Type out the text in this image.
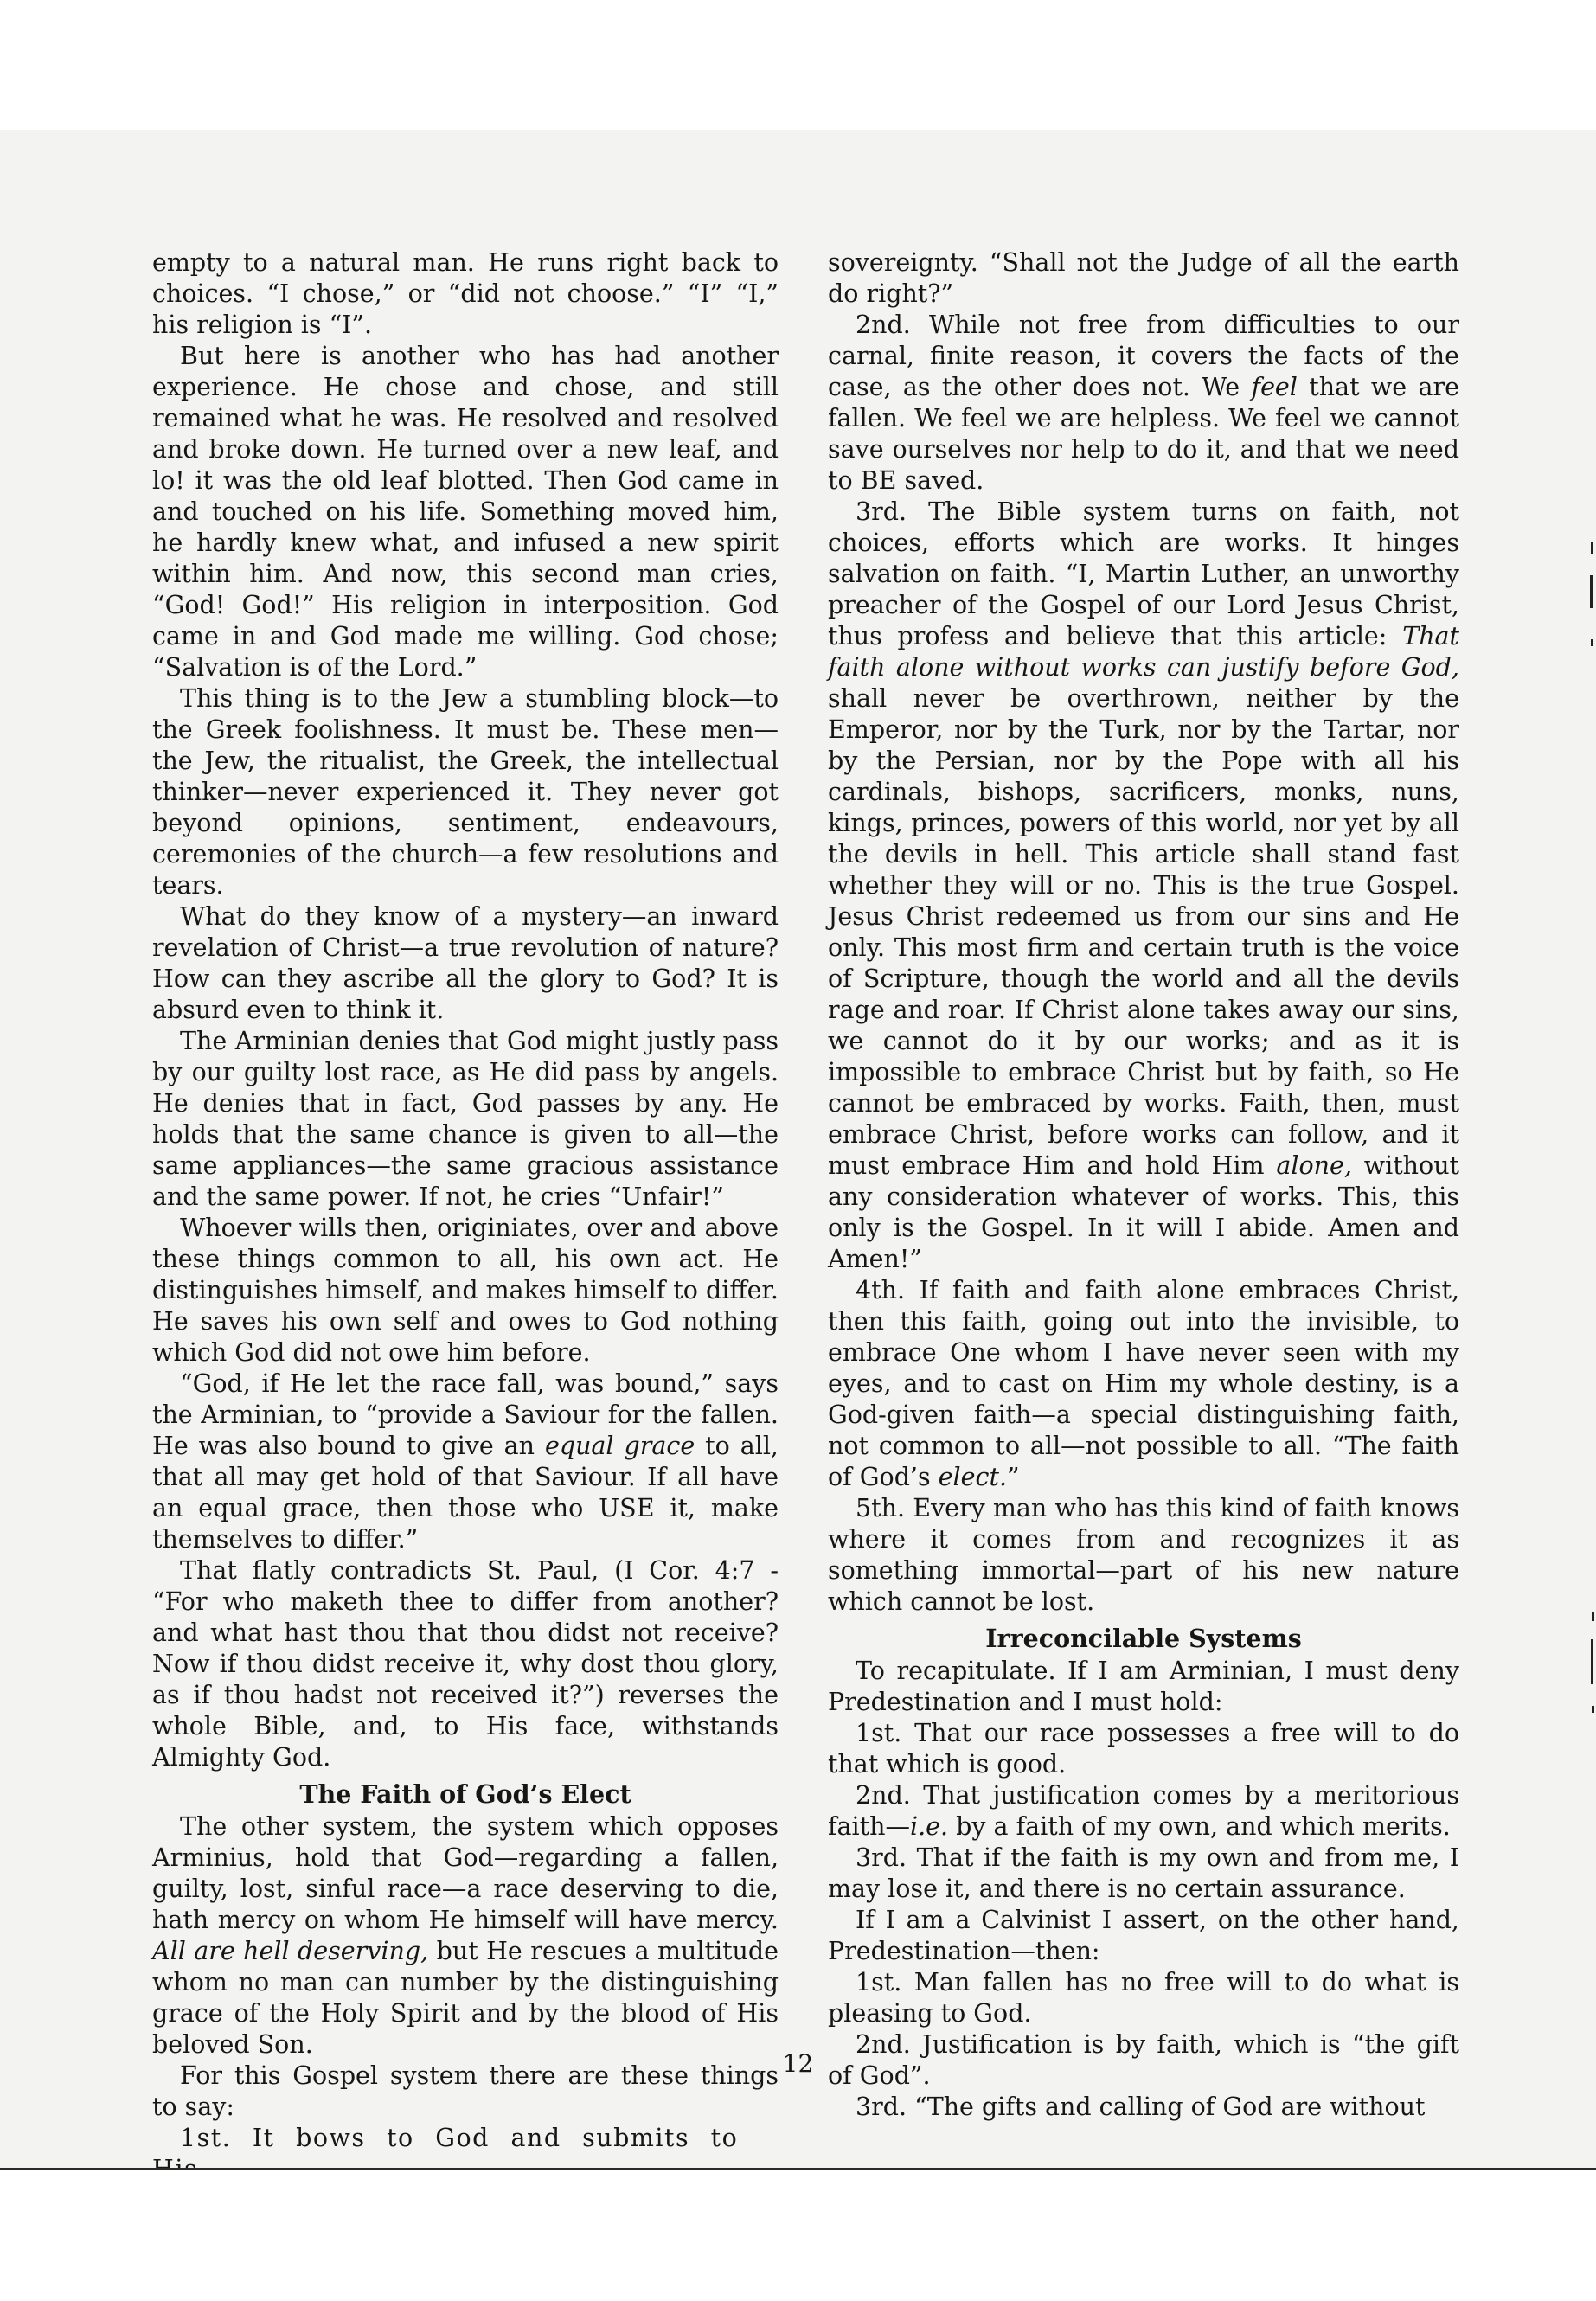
empty to a natural man. He runs right back to choices. “I chose,” or “did not choose.” “I” “I,” his religion is “I”.

But here is another who has had another experience. He chose and chose, and still remained what he was. He resolved and resolved and broke down. He turned over a new leaf, and lo! it was the old leaf blotted. Then God came in and touched on his life. Something moved him, he hardly knew what, and infused a new spirit within him. And now, this second man cries, “God! God!” His religion in interposition. God came in and God made me willing. God chose; “Salvation is of the Lord.”

This thing is to the Jew a stumbling block—to the Greek foolishness. It must be. These men—the Jew, the ritualist, the Greek, the intellectual thinker—never experienced it. They never got beyond opinions, sentiment, endeavours, ceremonies of the church—a few resolutions and tears.

What do they know of a mystery—an inward revelation of Christ—a true revolution of nature? How can they ascribe all the glory to God? It is absurd even to think it.

The Arminian denies that God might justly pass by our guilty lost race, as He did pass by angels. He denies that in fact, God passes by any. He holds that the same chance is given to all—the same appliances—the same gracious assistance and the same power. If not, he cries “Unfair!”

Whoever wills then, originiates, over and above these things common to all, his own act. He distinguishes himself, and makes himself to differ. He saves his own self and owes to God nothing which God did not owe him before.

“God, if He let the race fall, was bound,” says the Arminian, to “provide a Saviour for the fallen. He was also bound to give an equal grace to all, that all may get hold of that Saviour. If all have an equal grace, then those who USE it, make themselves to differ.”

That flatly contradicts St. Paul, (I Cor. 4:7 - “For who maketh thee to differ from another? and what hast thou that thou didst not receive? Now if thou didst receive it, why dost thou glory, as if thou hadst not received it?”) reverses the whole Bible, and, to His face, withstands Almighty God.

The Faith of God’s Elect

The other system, the system which opposes Arminius, hold that God—regarding a fallen, guilty, lost, sinful race—a race deserving to die, hath mercy on whom He himself will have mercy. All are hell deserving, but He rescues a multitude whom no man can number by the distinguishing grace of the Holy Spirit and by the blood of His beloved Son.

For this Gospel system there are these things to say:

1st. It bows to God and submits to

sovereignty. “Shall not the Judge of all the earth do right?”

2nd. While not free from difficulties to our carnal, finite reason, it covers the facts of the case, as the other does not. We feel that we are fallen. We feel we are helpless. We feel we cannot save ourselves nor help to do it, and that we need to BE saved.

3rd. The Bible system turns on faith, not choices, efforts which are works. It hinges salvation on faith. “I, Martin Luther, an unworthy preacher of the Gospel of our Lord Jesus Christ, thus profess and believe that this article: That faith alone without works can justify before God, shall never be overthrown, neither by the Emperor, nor by the Turk, nor by the Tartar, nor by the Persian, nor by the Pope with all his cardinals, bishops, sacrificers, monks, nuns, kings, princes, powers of this world, nor yet by all the devils in hell. This article shall stand fast whether they will or no. This is the true Gospel. Jesus Christ redeemed us from our sins and He only. This most firm and certain truth is the voice of Scripture, though the world and all the devils rage and roar. If Christ alone takes away our sins, we cannot do it by our works; and as it is impossible to embrace Christ but by faith, so He cannot be embraced by works. Faith, then, must embrace Christ, before works can follow, and it must embrace Him and hold Him alone, without any consideration whatever of works. This, this only is the Gospel. In it will I abide. Amen and Amen!”

4th. If faith and faith alone embraces Christ, then this faith, going out into the invisible, to embrace One whom I have never seen with my eyes, and to cast on Him my whole destiny, is a God-given faith—a special distinguishing faith, not common to all—not possible to all. “The faith of God’s elect.”

5th. Every man who has this kind of faith knows where it comes from and recognizes it as something immortal—part of his new nature which cannot be lost.

Irreconcilable Systems

To recapitulate. If I am Arminian, I must deny Predestination and I must hold:

1st. That our race possesses a free will to do that which is good.

2nd. That justification comes by a meritorious faith—i.e. by a faith of my own, and which merits.

3rd. That if the faith is my own and from me, I may lose it, and there is no certain assurance.

If I am a Calvinist I assert, on the other hand, Predestination—then:

1st. Man fallen has no free will to do what is pleasing to God.

2nd. Justification is by faith, which is “the gift of God”.

3rd. “The gifts and calling of God are without

12
